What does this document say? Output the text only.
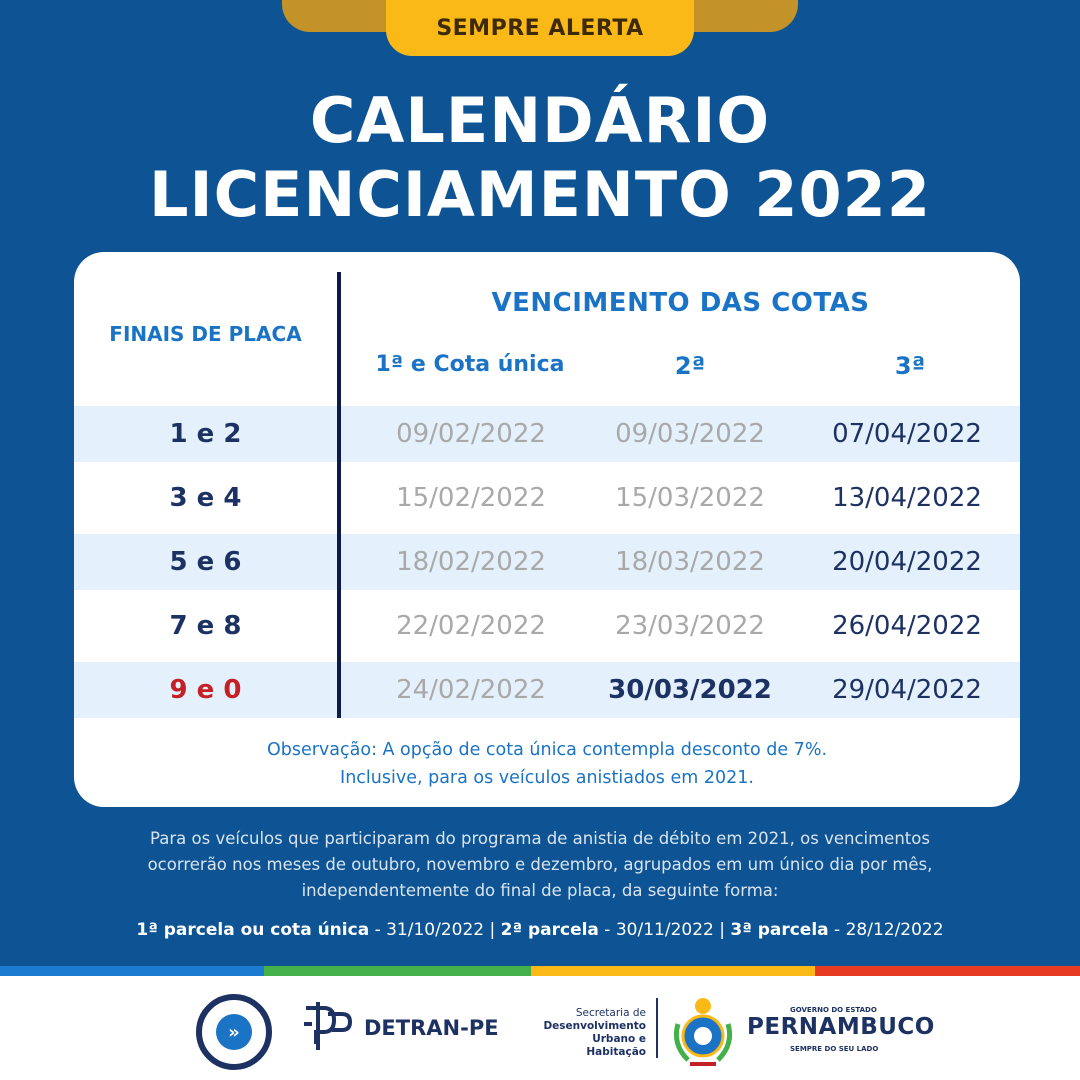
SEMPRE ALERTA
CALENDÁRIO
LICENCIAMENTO 2022
FINAIS DE PLACA
VENCIMENTO DAS COTAS
1ª e Cota única	2ª	3ª
1 e 2	09/02/2022	09/03/2022	07/04/2022
3 e 4	15/02/2022	15/03/2022	13/04/2022
5 e 6	18/02/2022	18/03/2022	20/04/2022
7 e 8	22/02/2022	23/03/2022	26/04/2022
9 e 0	24/02/2022	30/03/2022	29/04/2022
Observação: A opção de cota única contempla desconto de 7%.
Inclusive, para os veículos anistiados em 2021.
Para os veículos que participaram do programa de anistia de débito em 2021, os vencimentos
ocorrerão nos meses de outubro, novembro e dezembro, agrupados em um único dia por mês,
independentemente do final de placa, da seguinte forma:
1ª parcela ou cota única - 31/10/2022 | 2ª parcela - 30/11/2022 | 3ª parcela - 28/12/2022
»	DETRAN-PE
Secretaria de
Desenvolvimento
Urbano e Habitação
GOVERNO DO ESTADO
PERNAMBUCO
SEMPRE DO SEU LADO
